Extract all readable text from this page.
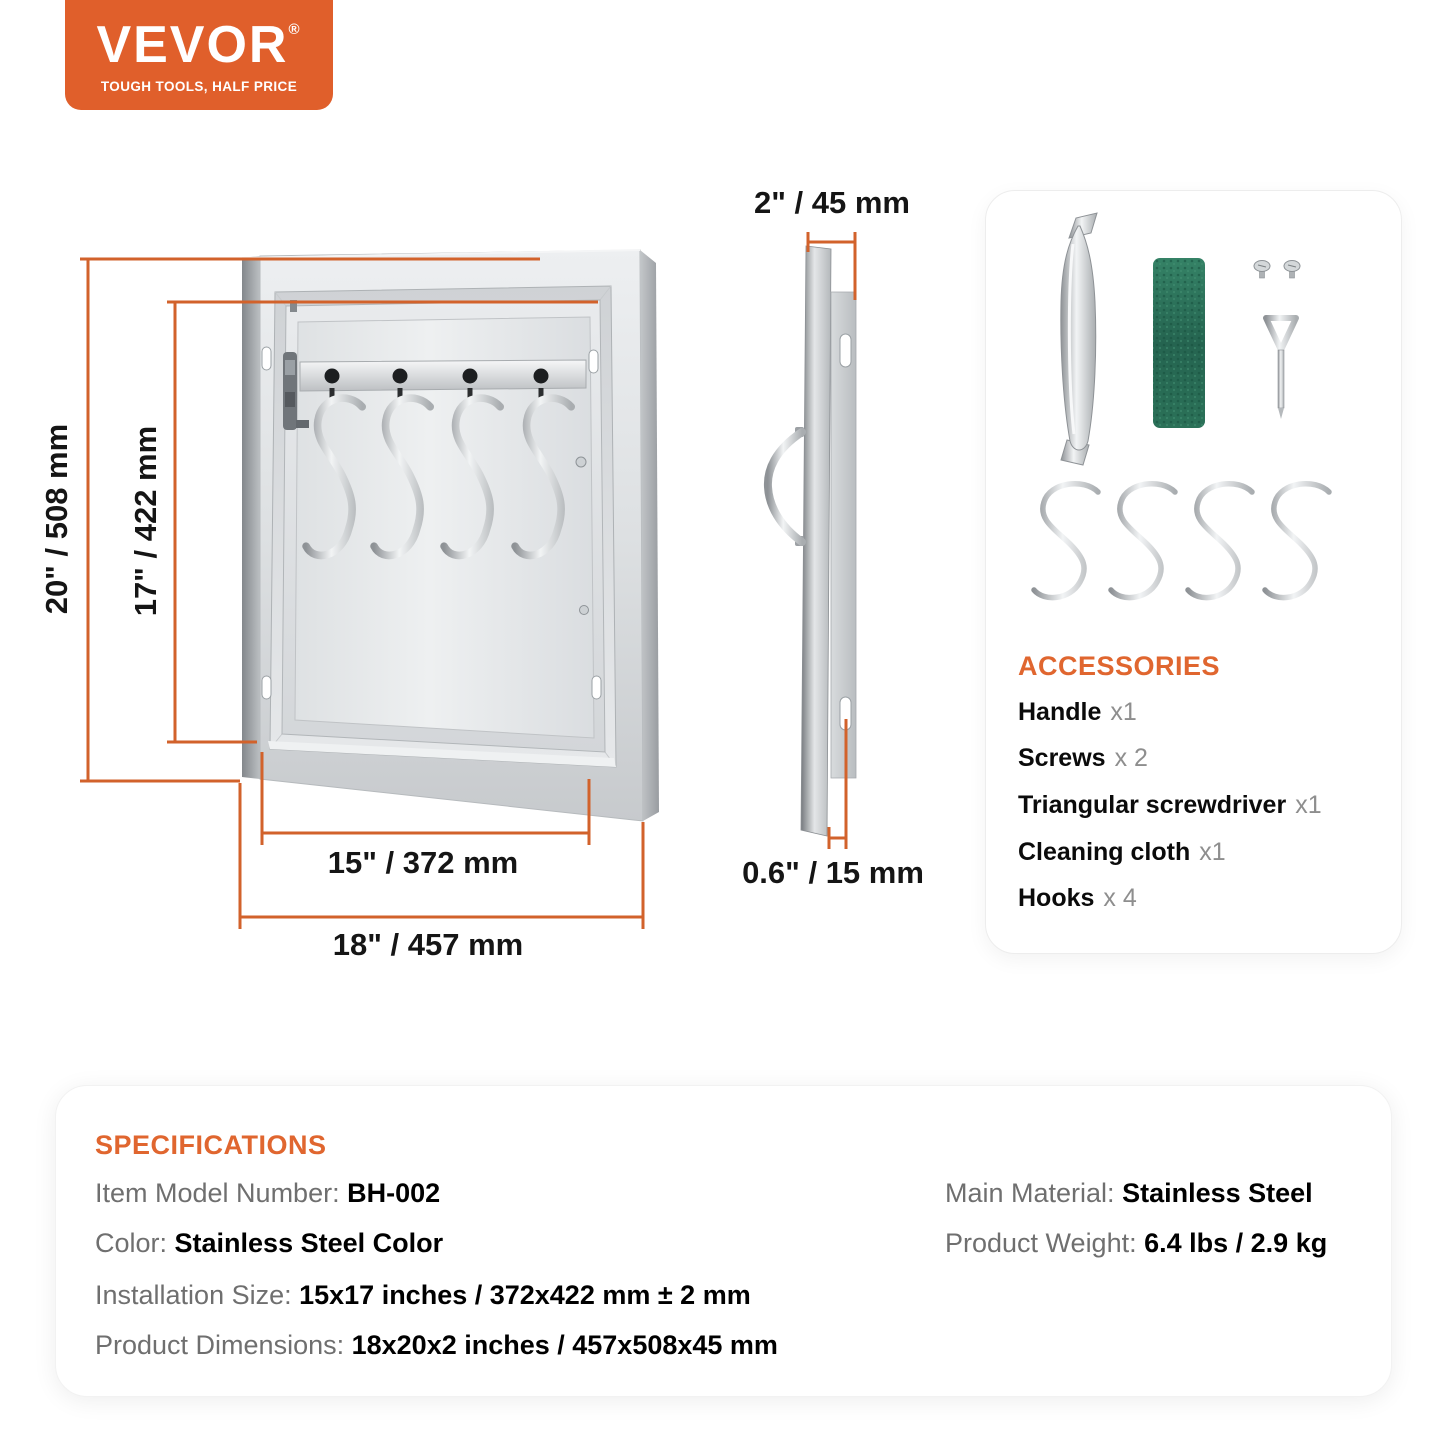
VEVOR®
TOUGH TOOLS, HALF PRICE
20" / 508 mm 17" / 422 mm
15" / 372 mm
18" / 457 mm
2" / 45 mm
0.6" / 15 mm
ACCESSORIES
Handle x1
Screws x 2
Triangular screwdriver x1
Cleaning cloth x1
Hooks x 4
SPECIFICATIONS
Item Model Number: BH-002
Color: Stainless Steel Color
Installation Size: 15x17 inches / 372x422 mm ± 2 mm
Product Dimensions: 18x20x2 inches / 457x508x45 mm
Main Material: Stainless Steel
Product Weight: 6.4 lbs / 2.9 kg
